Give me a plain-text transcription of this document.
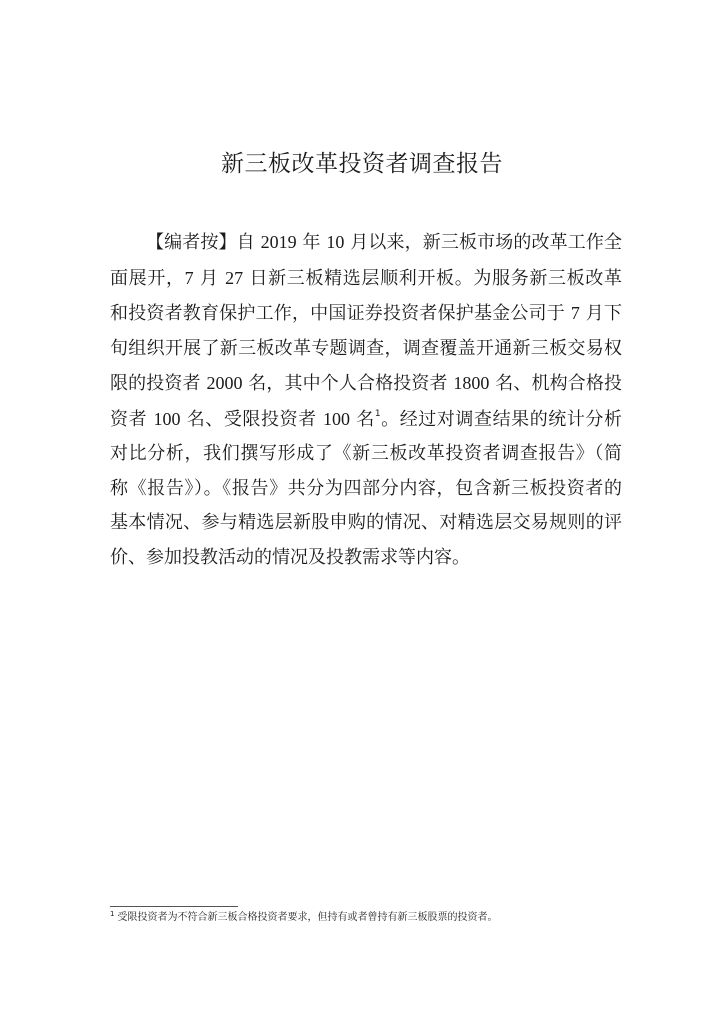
新三板改革投资者调查报告

【编者按】自 2019 年 10 月以来，新三板市场的改革工作全面展开，7 月 27 日新三板精选层顺利开板。为服务新三板改革和投资者教育保护工作，中国证券投资者保护基金公司于 7 月下旬组织开展了新三板改革专题调查，调查覆盖开通新三板交易权限的投资者 2000 名，其中个人合格投资者 1800 名、机构合格投资者 100 名、受限投资者 100 名$^1$。经过对调查结果的统计分析对比分析，我们撰写形成了《新三板改革投资者调查报告》（简称《报告》）。《报告》共分为四部分内容，包含新三板投资者的基本情况、参与精选层新股申购的情况、对精选层交易规则的评价、参加投教活动的情况及投教需求等内容。

$^1$ 受限投资者为不符合新三板合格投资者要求，但持有或者曾持有新三板股票的投资者。
